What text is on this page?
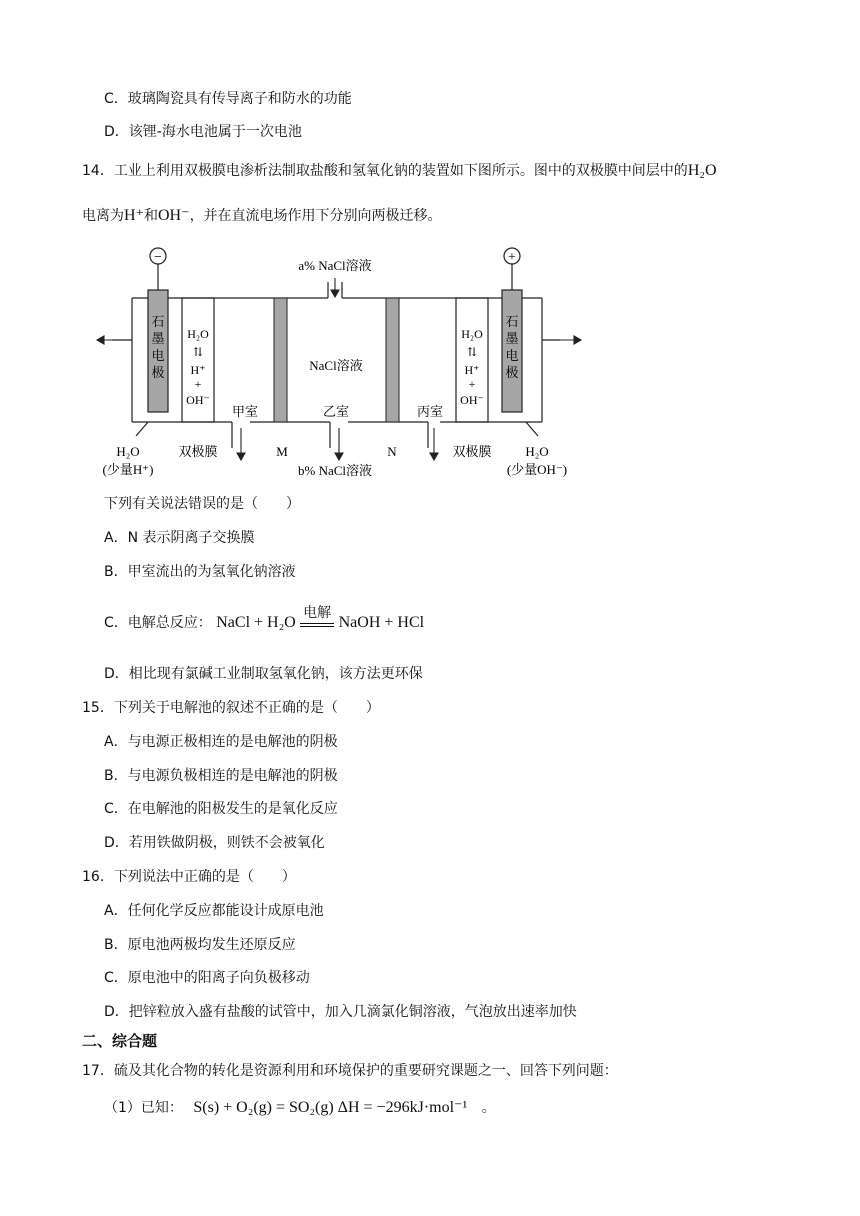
C．玻璃陶瓷具有传导离子和防水的功能
D．该锂-海水电池属于一次电池
14．工业上利用双极膜电渗析法制取盐酸和氢氧化钠的装置如下图所示。图中的双极膜中间层中的H₂O
电离为H⁺和OH⁻，并在直流电场作用下分别向两极迁移。
−	+
石
墨
电
极
石
墨
电
极
H₂O
⇅
H⁺
+
OH⁻
H₂O
⇅
H⁺
+
OH⁻
a% NaCl溶液
NaCl溶液
甲室	乙室	丙室
M	N
双极膜	双极膜
b% NaCl溶液
H₂O
(少量H⁺)
H₂O
(少量OH⁻)
下列有关说法错误的是（　　）
A．N 表示阴离子交换膜
B．甲室流出的为氢氧化钠溶液
C．电解总反应： NaCl + H₂O
电解
NaOH + HCl
D．相比现有氯碱工业制取氢氧化钠，该方法更环保
15．下列关于电解池的叙述不正确的是（　　）
A．与电源正极相连的是电解池的阴极
B．与电源负极相连的是电解池的阴极
C．在电解池的阳极发生的是氧化反应
D．若用铁做阴极，则铁不会被氧化
16．下列说法中正确的是（　　）
A．任何化学反应都能设计成原电池
B．原电池两极均发生还原反应
C．原电池中的阳离子向负极移动
D．把锌粒放入盛有盐酸的试管中，加入几滴氯化铜溶液，气泡放出速率加快
二、综合题
17．硫及其化合物的转化是资源利用和环境保护的重要研究课题之一、回答下列问题：
（1）已知： S(s) + O₂(g) = SO₂(g) ΔH = −296kJ·mol⁻¹ 。
